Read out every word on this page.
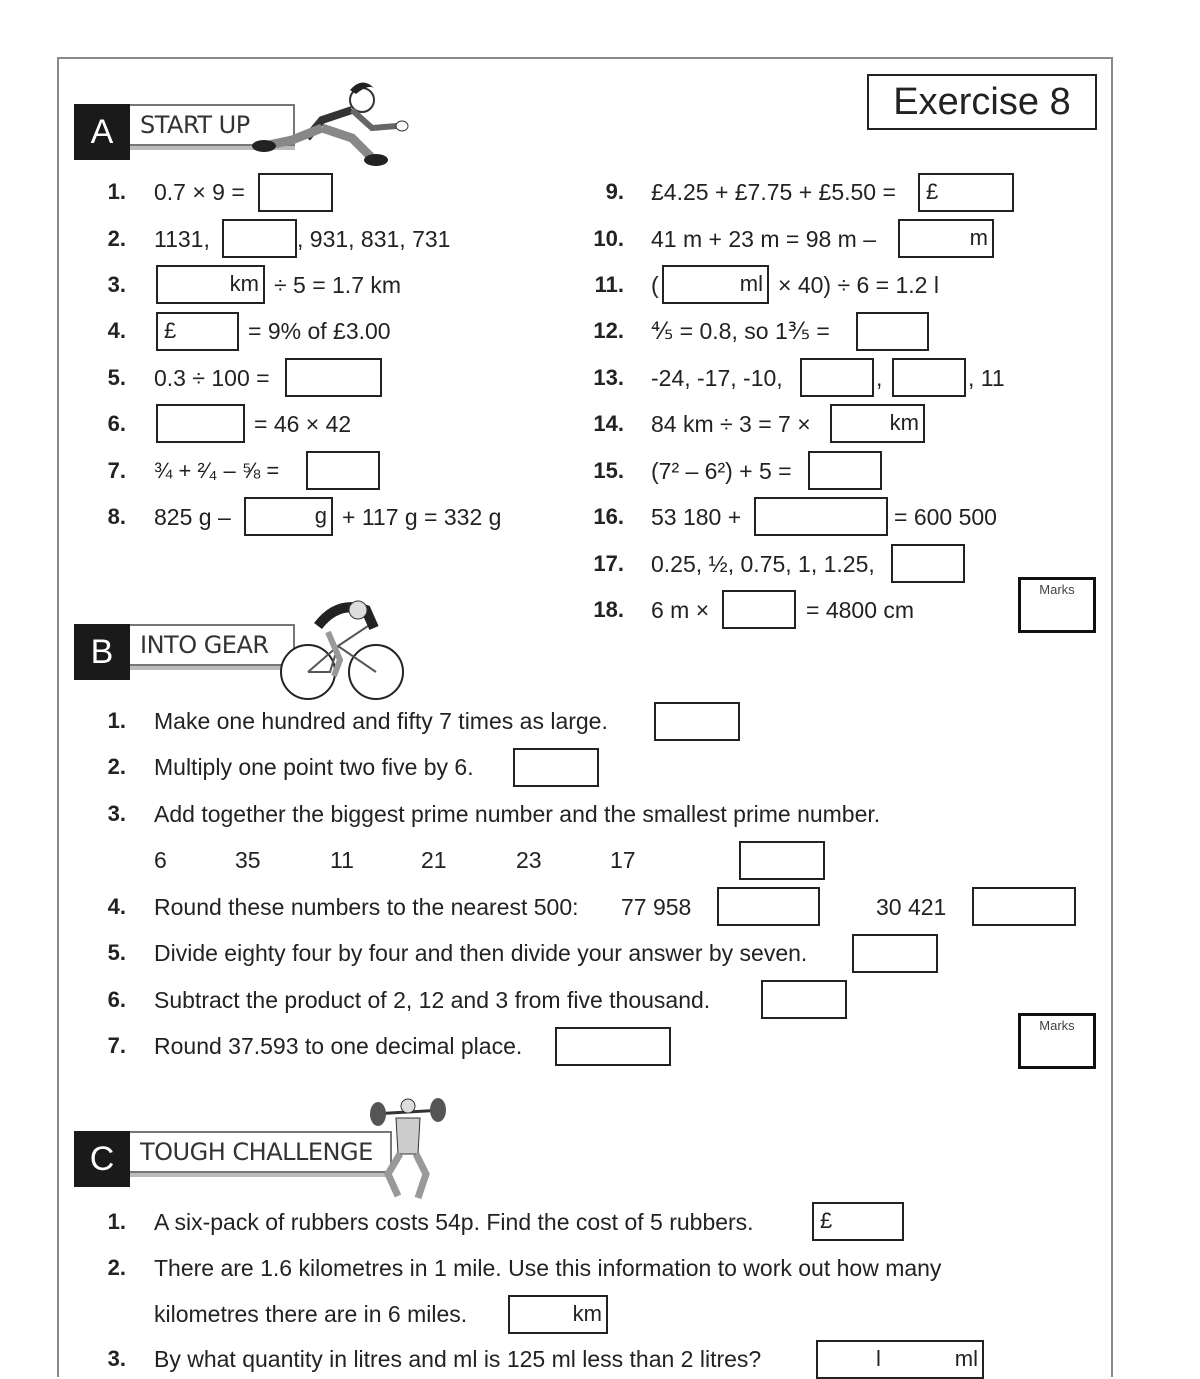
Exercise 8
A	START UP
1. 0.7 × 9 =
2. 1131,	, 931, 831, 731
3.	km ÷ 5 = 1.7 km
4. £	= 9% of £3.00
5. 0.3 ÷ 100 =
6.	= 46 × 42
7. ¾ + ²⁄₄ – ⅝ =
8. 825 g –	g + 117 g = 332 g
9. £4.25 + £7.75 + £5.50 = £
10. 41 m + 23 m = 98 m –	m
11. (	ml × 40) ÷ 6 = 1.2 l
12. ⅘ = 0.8, so 1⅗ =
13. -24, -17, -10,	,	, 11
14. 84 km ÷ 3 = 7 ×	km
15. (7² – 6²) + 5 =
16. 53 180 +	= 600 500
17. 0.25, ½, 0.75, 1, 1.25,
18. 6 m ×	= 4800 cm
Marks
B	INTO GEAR
1. Make one hundred and fifty 7 times as large.
2. Multiply one point two five by 6.
3. Add together the biggest prime number and the smallest prime number.
6	35	11	21	23	17
4. Round these numbers to the nearest 500: 77 958	30 421
5. Divide eighty four by four and then divide your answer by seven.
6. Subtract the product of 2, 12 and 3 from five thousand.
7. Round 37.593 to one decimal place.
Marks
C	TOUGH CHALLENGE
1. A six-pack of rubbers costs 54p. Find the cost of 5 rubbers.	£
2. There are 1.6 kilometres in 1 mile. Use this information to work out how many
kilometres there are in 6 miles.	km
3. By what quantity in litres and ml is 125 ml less than 2 litres?	l	ml
